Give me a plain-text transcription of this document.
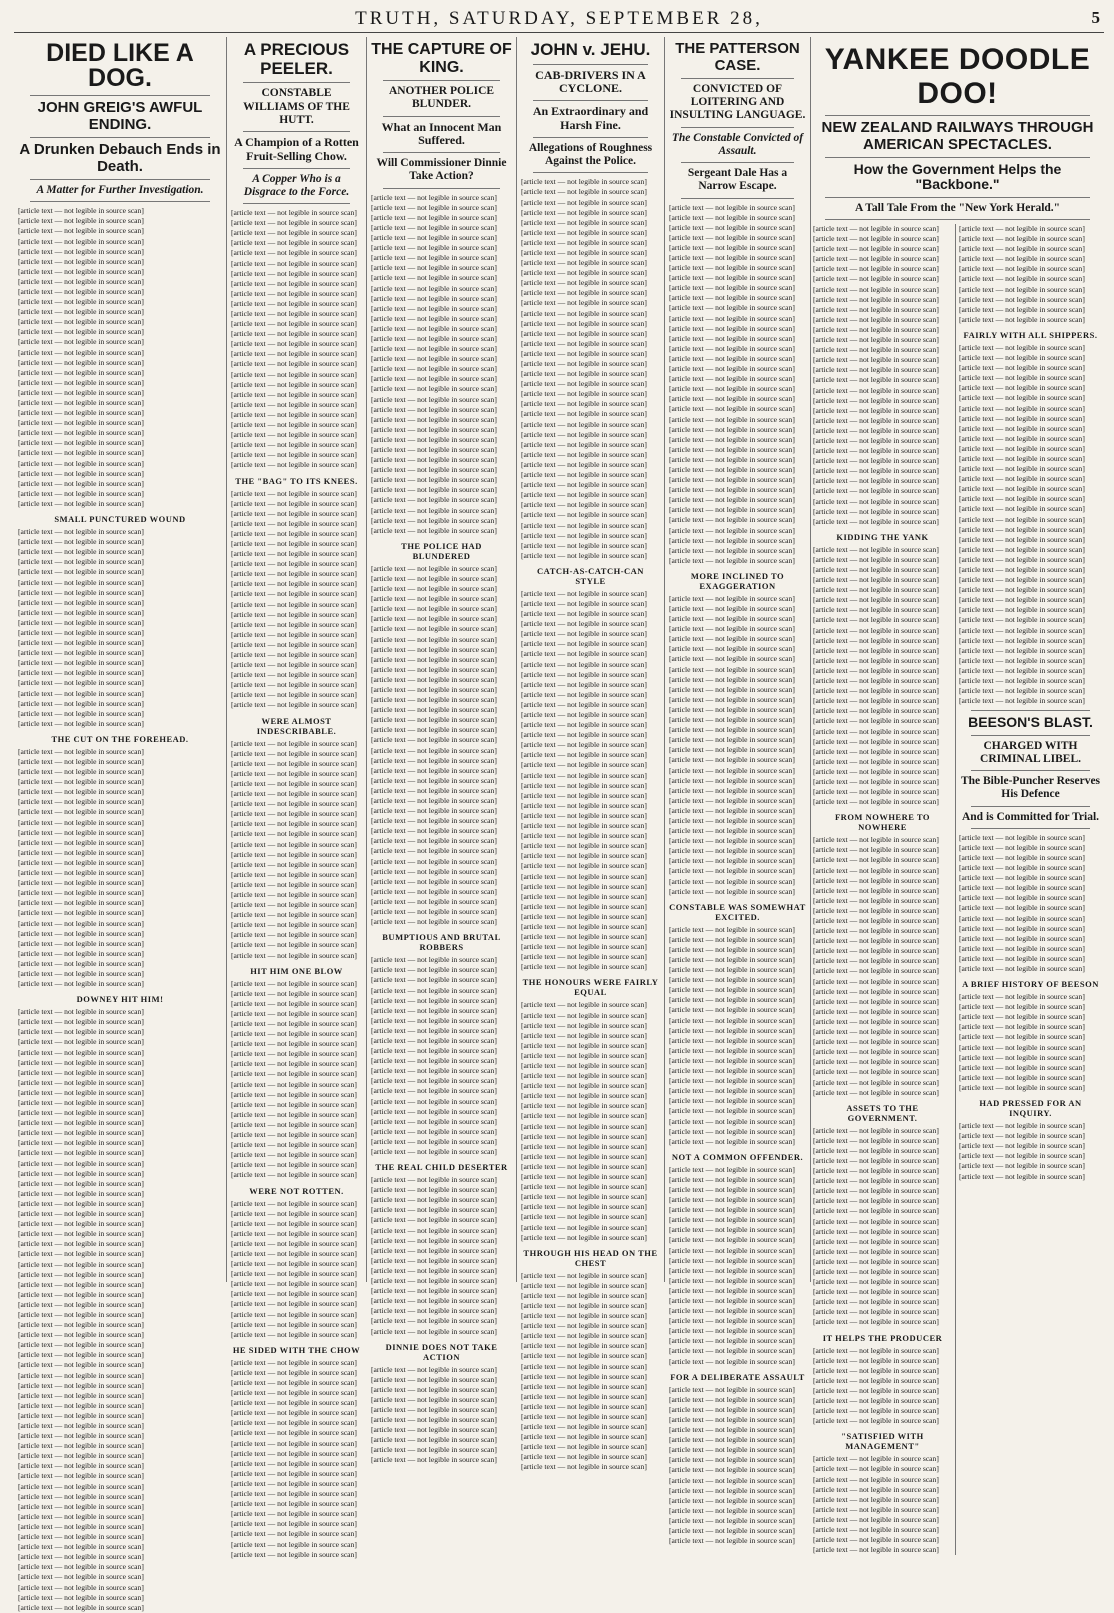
TRUTH, SATURDAY, SEPTEMBER 28,	5
DIED LIKE A DOG.
JOHN GREIG'S AWFUL ENDING.
A Drunken Debauch Ends in Death.
A Matter for Further Investigation.
[article text — not legible in source scan]
[article text — not legible in source scan]
[article text — not legible in source scan]
[article text — not legible in source scan]
[article text — not legible in source scan]
[article text — not legible in source scan]
[article text — not legible in source scan]
[article text — not legible in source scan]
[article text — not legible in source scan]
[article text — not legible in source scan]
[article text — not legible in source scan]
[article text — not legible in source scan]
[article text — not legible in source scan]
[article text — not legible in source scan]
[article text — not legible in source scan]
[article text — not legible in source scan]
[article text — not legible in source scan]
[article text — not legible in source scan]
[article text — not legible in source scan]
[article text — not legible in source scan]
[article text — not legible in source scan]
[article text — not legible in source scan]
[article text — not legible in source scan]
[article text — not legible in source scan]
[article text — not legible in source scan]
[article text — not legible in source scan]
[article text — not legible in source scan]
[article text — not legible in source scan]
[article text — not legible in source scan]
[article text — not legible in source scan]
SMALL PUNCTURED WOUND
[article text — not legible in source scan]
[article text — not legible in source scan]
[article text — not legible in source scan]
[article text — not legible in source scan]
[article text — not legible in source scan]
[article text — not legible in source scan]
[article text — not legible in source scan]
[article text — not legible in source scan]
[article text — not legible in source scan]
[article text — not legible in source scan]
[article text — not legible in source scan]
[article text — not legible in source scan]
[article text — not legible in source scan]
[article text — not legible in source scan]
[article text — not legible in source scan]
[article text — not legible in source scan]
[article text — not legible in source scan]
[article text — not legible in source scan]
[article text — not legible in source scan]
[article text — not legible in source scan]
THE CUT ON THE FOREHEAD.
[article text — not legible in source scan]
[article text — not legible in source scan]
[article text — not legible in source scan]
[article text — not legible in source scan]
[article text — not legible in source scan]
[article text — not legible in source scan]
[article text — not legible in source scan]
[article text — not legible in source scan]
[article text — not legible in source scan]
[article text — not legible in source scan]
[article text — not legible in source scan]
[article text — not legible in source scan]
[article text — not legible in source scan]
[article text — not legible in source scan]
[article text — not legible in source scan]
[article text — not legible in source scan]
[article text — not legible in source scan]
[article text — not legible in source scan]
[article text — not legible in source scan]
[article text — not legible in source scan]
[article text — not legible in source scan]
[article text — not legible in source scan]
[article text — not legible in source scan]
[article text — not legible in source scan]
DOWNEY HIT HIM!
[article text — not legible in source scan]
[article text — not legible in source scan]
[article text — not legible in source scan]
[article text — not legible in source scan]
[article text — not legible in source scan]
[article text — not legible in source scan]
[article text — not legible in source scan]
[article text — not legible in source scan]
[article text — not legible in source scan]
[article text — not legible in source scan]
[article text — not legible in source scan]
[article text — not legible in source scan]
[article text — not legible in source scan]
[article text — not legible in source scan]
[article text — not legible in source scan]
[article text — not legible in source scan]
[article text — not legible in source scan]
[article text — not legible in source scan]
[article text — not legible in source scan]
[article text — not legible in source scan]
[article text — not legible in source scan]
[article text — not legible in source scan]
[article text — not legible in source scan]
[article text — not legible in source scan]
[article text — not legible in source scan]
[article text — not legible in source scan]
[article text — not legible in source scan]
[article text — not legible in source scan]
[article text — not legible in source scan]
[article text — not legible in source scan]
[article text — not legible in source scan]
[article text — not legible in source scan]
[article text — not legible in source scan]
[article text — not legible in source scan]
[article text — not legible in source scan]
[article text — not legible in source scan]
[article text — not legible in source scan]
[article text — not legible in source scan]
[article text — not legible in source scan]
[article text — not legible in source scan]
[article text — not legible in source scan]
[article text — not legible in source scan]
[article text — not legible in source scan]
[article text — not legible in source scan]
[article text — not legible in source scan]
[article text — not legible in source scan]
[article text — not legible in source scan]
[article text — not legible in source scan]
[article text — not legible in source scan]
[article text — not legible in source scan]
[article text — not legible in source scan]
[article text — not legible in source scan]
[article text — not legible in source scan]
[article text — not legible in source scan]
[article text — not legible in source scan]
[article text — not legible in source scan]
[article text — not legible in source scan]
[article text — not legible in source scan]
[article text — not legible in source scan]
[article text — not legible in source scan]
A PRECIOUS PEELER.
CONSTABLE WILLIAMS OF THE HUTT.
A Champion of a Rotten Fruit-Selling Chow.
A Copper Who is a Disgrace to the Force.
[article text — not legible in source scan]
[article text — not legible in source scan]
[article text — not legible in source scan]
[article text — not legible in source scan]
[article text — not legible in source scan]
[article text — not legible in source scan]
[article text — not legible in source scan]
[article text — not legible in source scan]
[article text — not legible in source scan]
[article text — not legible in source scan]
[article text — not legible in source scan]
[article text — not legible in source scan]
[article text — not legible in source scan]
[article text — not legible in source scan]
[article text — not legible in source scan]
[article text — not legible in source scan]
[article text — not legible in source scan]
[article text — not legible in source scan]
[article text — not legible in source scan]
[article text — not legible in source scan]
[article text — not legible in source scan]
[article text — not legible in source scan]
[article text — not legible in source scan]
[article text — not legible in source scan]
[article text — not legible in source scan]
[article text — not legible in source scan]
THE "BAG" TO ITS KNEES.
[article text — not legible in source scan]
[article text — not legible in source scan]
[article text — not legible in source scan]
[article text — not legible in source scan]
[article text — not legible in source scan]
[article text — not legible in source scan]
[article text — not legible in source scan]
[article text — not legible in source scan]
[article text — not legible in source scan]
[article text — not legible in source scan]
[article text — not legible in source scan]
[article text — not legible in source scan]
[article text — not legible in source scan]
[article text — not legible in source scan]
[article text — not legible in source scan]
[article text — not legible in source scan]
[article text — not legible in source scan]
[article text — not legible in source scan]
[article text — not legible in source scan]
[article text — not legible in source scan]
[article text — not legible in source scan]
[article text — not legible in source scan]
WERE ALMOST INDESCRIBABLE.
[article text — not legible in source scan]
[article text — not legible in source scan]
[article text — not legible in source scan]
[article text — not legible in source scan]
[article text — not legible in source scan]
[article text — not legible in source scan]
[article text — not legible in source scan]
[article text — not legible in source scan]
[article text — not legible in source scan]
[article text — not legible in source scan]
[article text — not legible in source scan]
[article text — not legible in source scan]
[article text — not legible in source scan]
[article text — not legible in source scan]
[article text — not legible in source scan]
[article text — not legible in source scan]
[article text — not legible in source scan]
[article text — not legible in source scan]
[article text — not legible in source scan]
[article text — not legible in source scan]
[article text — not legible in source scan]
[article text — not legible in source scan]
HIT HIM ONE BLOW
[article text — not legible in source scan]
[article text — not legible in source scan]
[article text — not legible in source scan]
[article text — not legible in source scan]
[article text — not legible in source scan]
[article text — not legible in source scan]
[article text — not legible in source scan]
[article text — not legible in source scan]
[article text — not legible in source scan]
[article text — not legible in source scan]
[article text — not legible in source scan]
[article text — not legible in source scan]
[article text — not legible in source scan]
[article text — not legible in source scan]
[article text — not legible in source scan]
[article text — not legible in source scan]
[article text — not legible in source scan]
[article text — not legible in source scan]
[article text — not legible in source scan]
[article text — not legible in source scan]
WERE NOT ROTTEN.
[article text — not legible in source scan]
[article text — not legible in source scan]
[article text — not legible in source scan]
[article text — not legible in source scan]
[article text — not legible in source scan]
[article text — not legible in source scan]
[article text — not legible in source scan]
[article text — not legible in source scan]
[article text — not legible in source scan]
[article text — not legible in source scan]
[article text — not legible in source scan]
[article text — not legible in source scan]
[article text — not legible in source scan]
[article text — not legible in source scan]
HE SIDED WITH THE CHOW
[article text — not legible in source scan]
[article text — not legible in source scan]
[article text — not legible in source scan]
[article text — not legible in source scan]
[article text — not legible in source scan]
[article text — not legible in source scan]
[article text — not legible in source scan]
[article text — not legible in source scan]
[article text — not legible in source scan]
[article text — not legible in source scan]
[article text — not legible in source scan]
[article text — not legible in source scan]
[article text — not legible in source scan]
[article text — not legible in source scan]
[article text — not legible in source scan]
[article text — not legible in source scan]
[article text — not legible in source scan]
[article text — not legible in source scan]
[article text — not legible in source scan]
[article text — not legible in source scan]
THE CAPTURE OF KING.
ANOTHER POLICE BLUNDER.
What an Innocent Man Suffered.
Will Commissioner Dinnie Take Action?
[article text — not legible in source scan]
[article text — not legible in source scan]
[article text — not legible in source scan]
[article text — not legible in source scan]
[article text — not legible in source scan]
[article text — not legible in source scan]
[article text — not legible in source scan]
[article text — not legible in source scan]
[article text — not legible in source scan]
[article text — not legible in source scan]
[article text — not legible in source scan]
[article text — not legible in source scan]
[article text — not legible in source scan]
[article text — not legible in source scan]
[article text — not legible in source scan]
[article text — not legible in source scan]
[article text — not legible in source scan]
[article text — not legible in source scan]
[article text — not legible in source scan]
[article text — not legible in source scan]
[article text — not legible in source scan]
[article text — not legible in source scan]
[article text — not legible in source scan]
[article text — not legible in source scan]
[article text — not legible in source scan]
[article text — not legible in source scan]
[article text — not legible in source scan]
[article text — not legible in source scan]
[article text — not legible in source scan]
[article text — not legible in source scan]
[article text — not legible in source scan]
[article text — not legible in source scan]
[article text — not legible in source scan]
[article text — not legible in source scan]
THE POLICE HAD BLUNDERED
[article text — not legible in source scan]
[article text — not legible in source scan]
[article text — not legible in source scan]
[article text — not legible in source scan]
[article text — not legible in source scan]
[article text — not legible in source scan]
[article text — not legible in source scan]
[article text — not legible in source scan]
[article text — not legible in source scan]
[article text — not legible in source scan]
[article text — not legible in source scan]
[article text — not legible in source scan]
[article text — not legible in source scan]
[article text — not legible in source scan]
[article text — not legible in source scan]
[article text — not legible in source scan]
[article text — not legible in source scan]
[article text — not legible in source scan]
[article text — not legible in source scan]
[article text — not legible in source scan]
[article text — not legible in source scan]
[article text — not legible in source scan]
[article text — not legible in source scan]
[article text — not legible in source scan]
[article text — not legible in source scan]
[article text — not legible in source scan]
[article text — not legible in source scan]
[article text — not legible in source scan]
[article text — not legible in source scan]
[article text — not legible in source scan]
[article text — not legible in source scan]
[article text — not legible in source scan]
[article text — not legible in source scan]
[article text — not legible in source scan]
[article text — not legible in source scan]
[article text — not legible in source scan]
BUMPTIOUS AND BRUTAL ROBBERS
[article text — not legible in source scan]
[article text — not legible in source scan]
[article text — not legible in source scan]
[article text — not legible in source scan]
[article text — not legible in source scan]
[article text — not legible in source scan]
[article text — not legible in source scan]
[article text — not legible in source scan]
[article text — not legible in source scan]
[article text — not legible in source scan]
[article text — not legible in source scan]
[article text — not legible in source scan]
[article text — not legible in source scan]
[article text — not legible in source scan]
[article text — not legible in source scan]
[article text — not legible in source scan]
[article text — not legible in source scan]
[article text — not legible in source scan]
[article text — not legible in source scan]
[article text — not legible in source scan]
THE REAL CHILD DESERTER
[article text — not legible in source scan]
[article text — not legible in source scan]
[article text — not legible in source scan]
[article text — not legible in source scan]
[article text — not legible in source scan]
[article text — not legible in source scan]
[article text — not legible in source scan]
[article text — not legible in source scan]
[article text — not legible in source scan]
[article text — not legible in source scan]
[article text — not legible in source scan]
[article text — not legible in source scan]
[article text — not legible in source scan]
[article text — not legible in source scan]
[article text — not legible in source scan]
[article text — not legible in source scan]
DINNIE DOES NOT TAKE ACTION
[article text — not legible in source scan]
[article text — not legible in source scan]
[article text — not legible in source scan]
[article text — not legible in source scan]
[article text — not legible in source scan]
[article text — not legible in source scan]
[article text — not legible in source scan]
[article text — not legible in source scan]
[article text — not legible in source scan]
[article text — not legible in source scan]
JOHN v. JEHU.
CAB-DRIVERS IN A CYCLONE.
An Extraordinary and Harsh Fine.
Allegations of Roughness Against the Police.
[article text — not legible in source scan]
[article text — not legible in source scan]
[article text — not legible in source scan]
[article text — not legible in source scan]
[article text — not legible in source scan]
[article text — not legible in source scan]
[article text — not legible in source scan]
[article text — not legible in source scan]
[article text — not legible in source scan]
[article text — not legible in source scan]
[article text — not legible in source scan]
[article text — not legible in source scan]
[article text — not legible in source scan]
[article text — not legible in source scan]
[article text — not legible in source scan]
[article text — not legible in source scan]
[article text — not legible in source scan]
[article text — not legible in source scan]
[article text — not legible in source scan]
[article text — not legible in source scan]
[article text — not legible in source scan]
[article text — not legible in source scan]
[article text — not legible in source scan]
[article text — not legible in source scan]
[article text — not legible in source scan]
[article text — not legible in source scan]
[article text — not legible in source scan]
[article text — not legible in source scan]
[article text — not legible in source scan]
[article text — not legible in source scan]
[article text — not legible in source scan]
[article text — not legible in source scan]
[article text — not legible in source scan]
[article text — not legible in source scan]
[article text — not legible in source scan]
[article text — not legible in source scan]
[article text — not legible in source scan]
[article text — not legible in source scan]
CATCH-AS-CATCH-CAN STYLE
[article text — not legible in source scan]
[article text — not legible in source scan]
[article text — not legible in source scan]
[article text — not legible in source scan]
[article text — not legible in source scan]
[article text — not legible in source scan]
[article text — not legible in source scan]
[article text — not legible in source scan]
[article text — not legible in source scan]
[article text — not legible in source scan]
[article text — not legible in source scan]
[article text — not legible in source scan]
[article text — not legible in source scan]
[article text — not legible in source scan]
[article text — not legible in source scan]
[article text — not legible in source scan]
[article text — not legible in source scan]
[article text — not legible in source scan]
[article text — not legible in source scan]
[article text — not legible in source scan]
[article text — not legible in source scan]
[article text — not legible in source scan]
[article text — not legible in source scan]
[article text — not legible in source scan]
[article text — not legible in source scan]
[article text — not legible in source scan]
[article text — not legible in source scan]
[article text — not legible in source scan]
[article text — not legible in source scan]
[article text — not legible in source scan]
[article text — not legible in source scan]
[article text — not legible in source scan]
[article text — not legible in source scan]
[article text — not legible in source scan]
[article text — not legible in source scan]
[article text — not legible in source scan]
[article text — not legible in source scan]
[article text — not legible in source scan]
THE HONOURS WERE FAIRLY EQUAL
[article text — not legible in source scan]
[article text — not legible in source scan]
[article text — not legible in source scan]
[article text — not legible in source scan]
[article text — not legible in source scan]
[article text — not legible in source scan]
[article text — not legible in source scan]
[article text — not legible in source scan]
[article text — not legible in source scan]
[article text — not legible in source scan]
[article text — not legible in source scan]
[article text — not legible in source scan]
[article text — not legible in source scan]
[article text — not legible in source scan]
[article text — not legible in source scan]
[article text — not legible in source scan]
[article text — not legible in source scan]
[article text — not legible in source scan]
[article text — not legible in source scan]
[article text — not legible in source scan]
[article text — not legible in source scan]
[article text — not legible in source scan]
[article text — not legible in source scan]
[article text — not legible in source scan]
THROUGH HIS HEAD ON THE CHEST
[article text — not legible in source scan]
[article text — not legible in source scan]
[article text — not legible in source scan]
[article text — not legible in source scan]
[article text — not legible in source scan]
[article text — not legible in source scan]
[article text — not legible in source scan]
[article text — not legible in source scan]
[article text — not legible in source scan]
[article text — not legible in source scan]
[article text — not legible in source scan]
[article text — not legible in source scan]
[article text — not legible in source scan]
[article text — not legible in source scan]
[article text — not legible in source scan]
[article text — not legible in source scan]
[article text — not legible in source scan]
[article text — not legible in source scan]
[article text — not legible in source scan]
[article text — not legible in source scan]
THE PATTERSON CASE.
CONVICTED OF LOITERING AND INSULTING LANGUAGE.
The Constable Convicted of Assault.
Sergeant Dale Has a Narrow Escape.
[article text — not legible in source scan]
[article text — not legible in source scan]
[article text — not legible in source scan]
[article text — not legible in source scan]
[article text — not legible in source scan]
[article text — not legible in source scan]
[article text — not legible in source scan]
[article text — not legible in source scan]
[article text — not legible in source scan]
[article text — not legible in source scan]
[article text — not legible in source scan]
[article text — not legible in source scan]
[article text — not legible in source scan]
[article text — not legible in source scan]
[article text — not legible in source scan]
[article text — not legible in source scan]
[article text — not legible in source scan]
[article text — not legible in source scan]
[article text — not legible in source scan]
[article text — not legible in source scan]
[article text — not legible in source scan]
[article text — not legible in source scan]
[article text — not legible in source scan]
[article text — not legible in source scan]
[article text — not legible in source scan]
[article text — not legible in source scan]
[article text — not legible in source scan]
[article text — not legible in source scan]
[article text — not legible in source scan]
[article text — not legible in source scan]
[article text — not legible in source scan]
[article text — not legible in source scan]
[article text — not legible in source scan]
[article text — not legible in source scan]
[article text — not legible in source scan]
[article text — not legible in source scan]
MORE INCLINED TO EXAGGERATION
[article text — not legible in source scan]
[article text — not legible in source scan]
[article text — not legible in source scan]
[article text — not legible in source scan]
[article text — not legible in source scan]
[article text — not legible in source scan]
[article text — not legible in source scan]
[article text — not legible in source scan]
[article text — not legible in source scan]
[article text — not legible in source scan]
[article text — not legible in source scan]
[article text — not legible in source scan]
[article text — not legible in source scan]
[article text — not legible in source scan]
[article text — not legible in source scan]
[article text — not legible in source scan]
[article text — not legible in source scan]
[article text — not legible in source scan]
[article text — not legible in source scan]
[article text — not legible in source scan]
[article text — not legible in source scan]
[article text — not legible in source scan]
[article text — not legible in source scan]
[article text — not legible in source scan]
[article text — not legible in source scan]
[article text — not legible in source scan]
[article text — not legible in source scan]
[article text — not legible in source scan]
[article text — not legible in source scan]
[article text — not legible in source scan]
CONSTABLE WAS SOMEWHAT EXCITED.
[article text — not legible in source scan]
[article text — not legible in source scan]
[article text — not legible in source scan]
[article text — not legible in source scan]
[article text — not legible in source scan]
[article text — not legible in source scan]
[article text — not legible in source scan]
[article text — not legible in source scan]
[article text — not legible in source scan]
[article text — not legible in source scan]
[article text — not legible in source scan]
[article text — not legible in source scan]
[article text — not legible in source scan]
[article text — not legible in source scan]
[article text — not legible in source scan]
[article text — not legible in source scan]
[article text — not legible in source scan]
[article text — not legible in source scan]
[article text — not legible in source scan]
[article text — not legible in source scan]
[article text — not legible in source scan]
[article text — not legible in source scan]
NOT A COMMON OFFENDER.
[article text — not legible in source scan]
[article text — not legible in source scan]
[article text — not legible in source scan]
[article text — not legible in source scan]
[article text — not legible in source scan]
[article text — not legible in source scan]
[article text — not legible in source scan]
[article text — not legible in source scan]
[article text — not legible in source scan]
[article text — not legible in source scan]
[article text — not legible in source scan]
[article text — not legible in source scan]
[article text — not legible in source scan]
[article text — not legible in source scan]
[article text — not legible in source scan]
[article text — not legible in source scan]
[article text — not legible in source scan]
[article text — not legible in source scan]
[article text — not legible in source scan]
[article text — not legible in source scan]
FOR A DELIBERATE ASSAULT
[article text — not legible in source scan]
[article text — not legible in source scan]
[article text — not legible in source scan]
[article text — not legible in source scan]
[article text — not legible in source scan]
[article text — not legible in source scan]
[article text — not legible in source scan]
[article text — not legible in source scan]
[article text — not legible in source scan]
[article text — not legible in source scan]
[article text — not legible in source scan]
[article text — not legible in source scan]
[article text — not legible in source scan]
[article text — not legible in source scan]
[article text — not legible in source scan]
[article text — not legible in source scan]
YANKEE DOODLE DOO!
NEW ZEALAND RAILWAYS THROUGH AMERICAN SPECTACLES.
How the Government Helps the "Backbone."
A Tall Tale From the "New York Herald."
[article text — not legible in source scan]
[article text — not legible in source scan]
[article text — not legible in source scan]
[article text — not legible in source scan]
[article text — not legible in source scan]
[article text — not legible in source scan]
[article text — not legible in source scan]
[article text — not legible in source scan]
[article text — not legible in source scan]
[article text — not legible in source scan]
[article text — not legible in source scan]
[article text — not legible in source scan]
[article text — not legible in source scan]
[article text — not legible in source scan]
[article text — not legible in source scan]
[article text — not legible in source scan]
[article text — not legible in source scan]
[article text — not legible in source scan]
[article text — not legible in source scan]
[article text — not legible in source scan]
[article text — not legible in source scan]
[article text — not legible in source scan]
[article text — not legible in source scan]
[article text — not legible in source scan]
[article text — not legible in source scan]
[article text — not legible in source scan]
[article text — not legible in source scan]
[article text — not legible in source scan]
[article text — not legible in source scan]
[article text — not legible in source scan]
KIDDING THE YANK
[article text — not legible in source scan]
[article text — not legible in source scan]
[article text — not legible in source scan]
[article text — not legible in source scan]
[article text — not legible in source scan]
[article text — not legible in source scan]
[article text — not legible in source scan]
[article text — not legible in source scan]
[article text — not legible in source scan]
[article text — not legible in source scan]
[article text — not legible in source scan]
[article text — not legible in source scan]
[article text — not legible in source scan]
[article text — not legible in source scan]
[article text — not legible in source scan]
[article text — not legible in source scan]
[article text — not legible in source scan]
[article text — not legible in source scan]
[article text — not legible in source scan]
[article text — not legible in source scan]
[article text — not legible in source scan]
[article text — not legible in source scan]
[article text — not legible in source scan]
[article text — not legible in source scan]
[article text — not legible in source scan]
[article text — not legible in source scan]
FROM NOWHERE TO NOWHERE
[article text — not legible in source scan]
[article text — not legible in source scan]
[article text — not legible in source scan]
[article text — not legible in source scan]
[article text — not legible in source scan]
[article text — not legible in source scan]
[article text — not legible in source scan]
[article text — not legible in source scan]
[article text — not legible in source scan]
[article text — not legible in source scan]
[article text — not legible in source scan]
[article text — not legible in source scan]
[article text — not legible in source scan]
[article text — not legible in source scan]
[article text — not legible in source scan]
[article text — not legible in source scan]
[article text — not legible in source scan]
[article text — not legible in source scan]
[article text — not legible in source scan]
[article text — not legible in source scan]
[article text — not legible in source scan]
[article text — not legible in source scan]
[article text — not legible in source scan]
[article text — not legible in source scan]
[article text — not legible in source scan]
[article text — not legible in source scan]
ASSETS TO THE GOVERNMENT.
[article text — not legible in source scan]
[article text — not legible in source scan]
[article text — not legible in source scan]
[article text — not legible in source scan]
[article text — not legible in source scan]
[article text — not legible in source scan]
[article text — not legible in source scan]
[article text — not legible in source scan]
[article text — not legible in source scan]
[article text — not legible in source scan]
[article text — not legible in source scan]
[article text — not legible in source scan]
[article text — not legible in source scan]
[article text — not legible in source scan]
[article text — not legible in source scan]
[article text — not legible in source scan]
[article text — not legible in source scan]
[article text — not legible in source scan]
[article text — not legible in source scan]
[article text — not legible in source scan]
IT HELPS THE PRODUCER
[article text — not legible in source scan]
[article text — not legible in source scan]
[article text — not legible in source scan]
[article text — not legible in source scan]
[article text — not legible in source scan]
[article text — not legible in source scan]
[article text — not legible in source scan]
[article text — not legible in source scan]
"SATISFIED WITH MANAGEMENT"
[article text — not legible in source scan]
[article text — not legible in source scan]
[article text — not legible in source scan]
[article text — not legible in source scan]
[article text — not legible in source scan]
[article text — not legible in source scan]
[article text — not legible in source scan]
[article text — not legible in source scan]
[article text — not legible in source scan]
[article text — not legible in source scan]
[article text — not legible in source scan]
[article text — not legible in source scan]
[article text — not legible in source scan]
[article text — not legible in source scan]
[article text — not legible in source scan]
[article text — not legible in source scan]
[article text — not legible in source scan]
[article text — not legible in source scan]
[article text — not legible in source scan]
[article text — not legible in source scan]
FAIRLY WITH ALL SHIPPERS.
[article text — not legible in source scan]
[article text — not legible in source scan]
[article text — not legible in source scan]
[article text — not legible in source scan]
[article text — not legible in source scan]
[article text — not legible in source scan]
[article text — not legible in source scan]
[article text — not legible in source scan]
[article text — not legible in source scan]
[article text — not legible in source scan]
[article text — not legible in source scan]
[article text — not legible in source scan]
[article text — not legible in source scan]
[article text — not legible in source scan]
[article text — not legible in source scan]
[article text — not legible in source scan]
[article text — not legible in source scan]
[article text — not legible in source scan]
[article text — not legible in source scan]
[article text — not legible in source scan]
[article text — not legible in source scan]
[article text — not legible in source scan]
[article text — not legible in source scan]
[article text — not legible in source scan]
[article text — not legible in source scan]
[article text — not legible in source scan]
[article text — not legible in source scan]
[article text — not legible in source scan]
[article text — not legible in source scan]
[article text — not legible in source scan]
[article text — not legible in source scan]
[article text — not legible in source scan]
[article text — not legible in source scan]
[article text — not legible in source scan]
[article text — not legible in source scan]
[article text — not legible in source scan]
BEESON'S BLAST.
CHARGED WITH CRIMINAL LIBEL.
The Bible-Puncher Reserves His Defence
And is Committed for Trial.
[article text — not legible in source scan]
[article text — not legible in source scan]
[article text — not legible in source scan]
[article text — not legible in source scan]
[article text — not legible in source scan]
[article text — not legible in source scan]
[article text — not legible in source scan]
[article text — not legible in source scan]
[article text — not legible in source scan]
[article text — not legible in source scan]
[article text — not legible in source scan]
[article text — not legible in source scan]
[article text — not legible in source scan]
[article text — not legible in source scan]
A BRIEF HISTORY OF BEESON
[article text — not legible in source scan]
[article text — not legible in source scan]
[article text — not legible in source scan]
[article text — not legible in source scan]
[article text — not legible in source scan]
[article text — not legible in source scan]
[article text — not legible in source scan]
[article text — not legible in source scan]
[article text — not legible in source scan]
[article text — not legible in source scan]
HAD PRESSED FOR AN INQUIRY.
[article text — not legible in source scan]
[article text — not legible in source scan]
[article text — not legible in source scan]
[article text — not legible in source scan]
[article text — not legible in source scan]
[article text — not legible in source scan]
